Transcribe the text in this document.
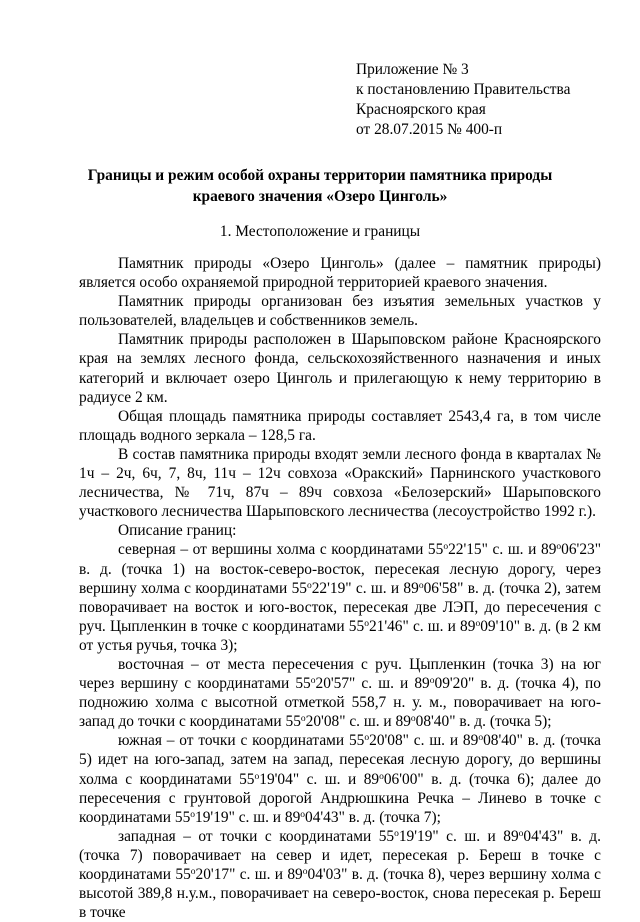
Приложение № 3
к постановлению Правительства
Красноярского края
от 28.07.2015 № 400-п
Границы и режим особой охраны территории памятника природы
краевого значения «Озеро Цинголь»
1. Местоположение и границы

Памятник природы «Озеро Цинголь» (далее – памятник природы) является особо охраняемой природной территорией краевого значения.

Памятник природы организован без изъятия земельных участков у пользователей, владельцев и собственников земель.

Памятник природы расположен в Шарыповском районе Красноярского края на землях лесного фонда, сельскохозяйственного назначения и иных категорий и включает озеро Цинголь и прилегающую к нему территорию в радиусе 2 км.

Общая площадь памятника природы составляет 2543,4 га, в том числе площадь водного зеркала – 128,5 га.

В состав памятника природы входят земли лесного фонда в кварталах № 1ч – 2ч, 6ч, 7, 8ч, 11ч – 12ч совхоза «Оракский» Парнинского участкового лесничества, № 71ч, 87ч – 89ч совхоза «Белозерский» Шарыповского участкового лесничества Шарыповского лесничества (лесоустройство 1992 г.).

Описание границ:

северная – от вершины холма с координатами 55$^o$22'15" с. ш. и 89$^o$06'23" в. д. (точка 1) на восток-северо-восток, пересекая лесную дорогу, через вершину холма с координатами 55$^o$22'19" с. ш. и 89$^o$06'58" в. д. (точка 2), затем поворачивает на восток и юго-восток, пересекая две ЛЭП, до пересечения с руч. Цыпленкин в точке с координатами 55$^o$21'46" с. ш. и 89$^o$09'10" в. д. (в 2 км от устья ручья, точка 3);

восточная – от места пересечения с руч. Цыпленкин (точка 3) на юг через вершину с координатами 55$^o$20'57" с. ш. и 89$^o$09'20" в. д. (точка 4), по подножию холма с высотной отметкой 558,7 н. у. м., поворачивает на юго-запад до точки с координатами 55$^o$20'08" с. ш. и 89$^o$08'40" в. д. (точка 5);

южная – от точки с координатами 55$^o$20'08" с. ш. и 89$^o$08'40" в. д. (точка 5) идет на юго-запад, затем на запад, пересекая лесную дорогу, до вершины холма с координатами 55$^o$19'04" с. ш. и 89$^o$06'00" в. д. (точка 6); далее до пересечения с грунтовой дорогой Андрюшкина Речка – Линево в точке с координатами 55$^o$19'19" с. ш. и 89$^o$04'43" в. д. (точка 7);

западная – от точки с координатами 55$^o$19'19" с. ш. и 89$^o$04'43" в. д. (точка 7) поворачивает на север и идет, пересекая р. Береш в точке с координатами 55$^o$20'17" с. ш. и 89$^o$04'03" в. д. (точка 8), через вершину холма с высотой 389,8 н.у.м., поворачивает на северо-восток, снова пересекая р. Береш в точке
